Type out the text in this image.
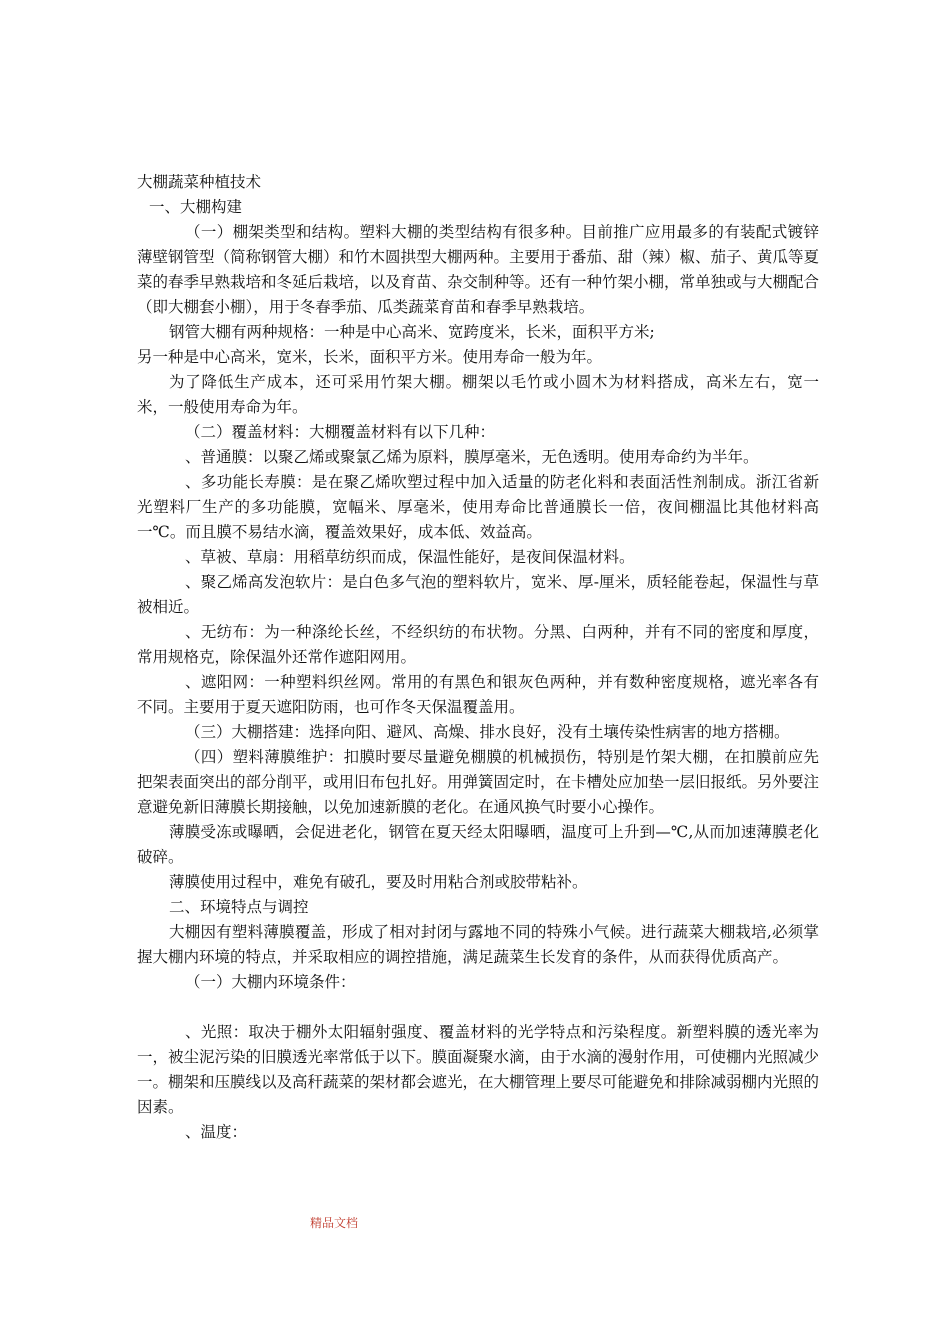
大棚蔬菜种植技术

一、大棚构建

（一）棚架类型和结构。塑料大棚的类型结构有很多种。目前推广应用最多的有装配式镀锌薄壁钢管型（简称钢管大棚）和竹木圆拱型大棚两种。主要用于番茄、甜（辣）椒、茄子、黄瓜等夏菜的春季早熟栽培和冬延后栽培，以及育苗、杂交制种等。还有一种竹架小棚，常单独或与大棚配合（即大棚套小棚），用于冬春季茄、瓜类蔬菜育苗和春季早熟栽培。

钢管大棚有两种规格：一种是中心高米、宽跨度米，长米，面积平方米;

另一种是中心高米，宽米，长米，面积平方米。使用寿命一般为年。

为了降低生产成本，还可采用竹架大棚。棚架以毛竹或小圆木为材料搭成，高米左右，宽一米，一般使用寿命为年。

（二）覆盖材料：大棚覆盖材料有以下几种：

、普通膜：以聚乙烯或聚氯乙烯为原料，膜厚毫米，无色透明。使用寿命约为半年。

、多功能长寿膜：是在聚乙烯吹塑过程中加入适量的防老化料和表面活性剂制成。浙江省新光塑料厂生产的多功能膜，宽幅米、厚毫米，使用寿命比普通膜长一倍，夜间棚温比其他材料高一℃。而且膜不易结水滴，覆盖效果好，成本低、效益高。

、草被、草扇：用稻草纺织而成，保温性能好，是夜间保温材料。

、聚乙烯高发泡软片：是白色多气泡的塑料软片，宽米、厚-厘米，质轻能卷起，保温性与草被相近。

、无纺布：为一种涤纶长丝，不经织纺的布状物。分黑、白两种，并有不同的密度和厚度，常用规格克，除保温外还常作遮阳网用。

、遮阳网：一种塑料织丝网。常用的有黑色和银灰色两种，并有数种密度规格，遮光率各有不同。主要用于夏天遮阳防雨，也可作冬天保温覆盖用。

（三）大棚搭建：选择向阳、避风、高燥、排水良好，没有土壤传染性病害的地方搭棚。

（四）塑料薄膜维护：扣膜时要尽量避免棚膜的机械损伤，特别是竹架大棚，在扣膜前应先把架表面突出的部分削平，或用旧布包扎好。用弹簧固定时，在卡槽处应加垫一层旧报纸。另外要注意避免新旧薄膜长期接触，以免加速新膜的老化。在通风换气时要小心操作。

薄膜受冻或曝晒，会促进老化，钢管在夏天经太阳曝晒，温度可上升到—℃,从而加速薄膜老化破碎。

薄膜使用过程中，难免有破孔，要及时用粘合剂或胶带粘补。

二、环境特点与调控

大棚因有塑料薄膜覆盖，形成了相对封闭与露地不同的特殊小气候。进行蔬菜大棚栽培,必须掌握大棚内环境的特点，并采取相应的调控措施，满足蔬菜生长发育的条件，从而获得优质高产。

（一）大棚内环境条件：

、光照：取决于棚外太阳辐射强度、覆盖材料的光学特点和污染程度。新塑料膜的透光率为一，被尘泥污染的旧膜透光率常低于以下。膜面凝聚水滴，由于水滴的漫射作用，可使棚内光照减少一。棚架和压膜线以及高秆蔬菜的架材都会遮光，在大棚管理上要尽可能避免和排除减弱棚内光照的因素。

、温度：

精品文档
